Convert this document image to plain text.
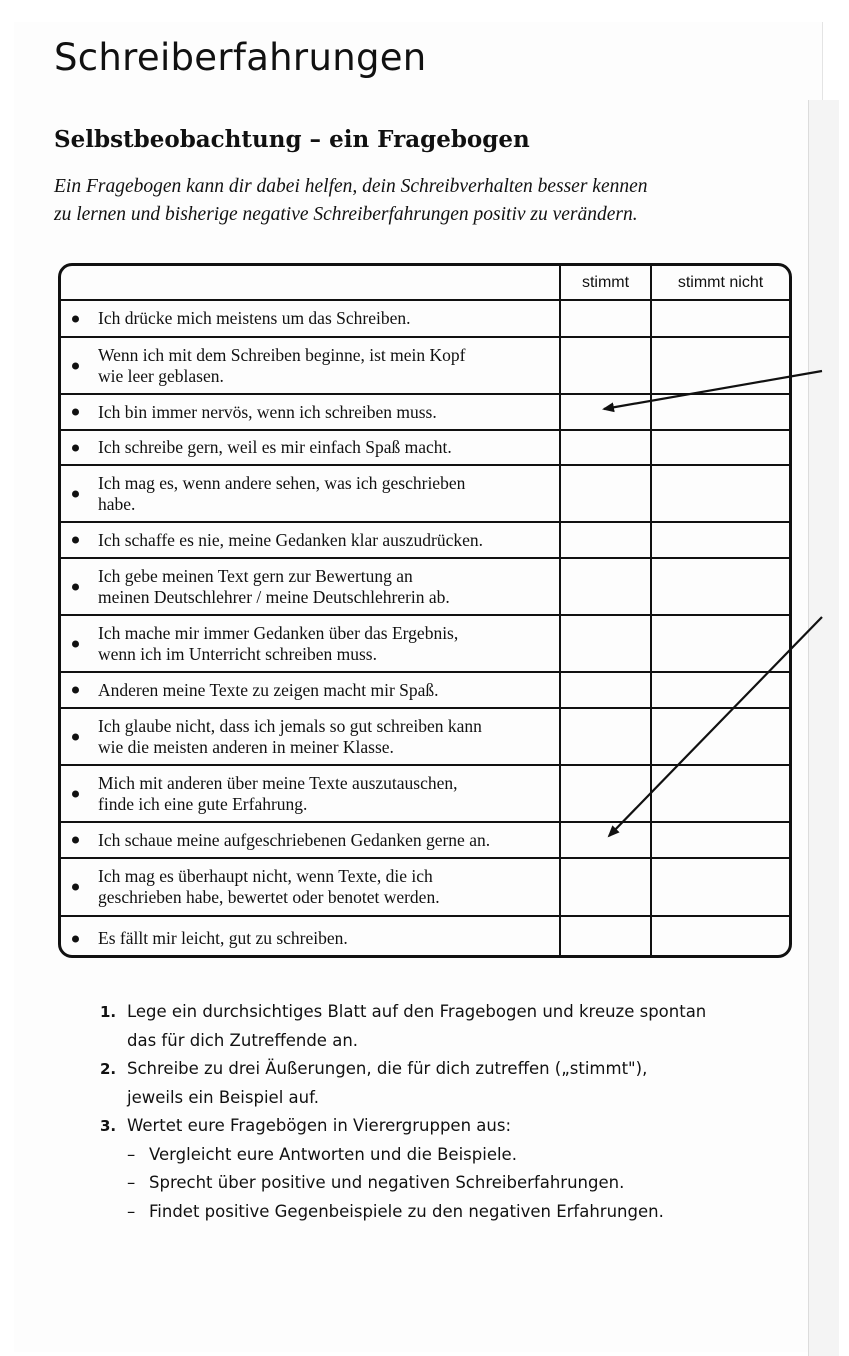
Schreiberfahrungen
Selbstbeobachtung – ein Fragebogen

Ein Fragebogen kann dir dabei helfen, dein Schreibverhalten besser kennen
zu lernen und bisherige negative Schreiberfahrungen positiv zu verändern.

stimmt	stimmt nicht
Ich drücke mich meistens um das Schreiben.
Wenn ich mit dem Schreiben beginne, ist mein Kopf
wie leer geblasen.
Ich bin immer nervös, wenn ich schreiben muss.
Ich schreibe gern, weil es mir einfach Spaß macht.
Ich mag es, wenn andere sehen, was ich geschrieben
habe.
Ich schaffe es nie, meine Gedanken klar auszudrücken.
Ich gebe meinen Text gern zur Bewertung an
meinen Deutschlehrer / meine Deutschlehrerin ab.
Ich mache mir immer Gedanken über das Ergebnis,
wenn ich im Unterricht schreiben muss.
Anderen meine Texte zu zeigen macht mir Spaß.
Ich glaube nicht, dass ich jemals so gut schreiben kann
wie die meisten anderen in meiner Klasse.
Mich mit anderen über meine Texte auszutauschen,
finde ich eine gute Erfahrung.
Ich schaue meine aufgeschriebenen Gedanken gerne an.
Ich mag es überhaupt nicht, wenn Texte, die ich
geschrieben habe, bewertet oder benotet werden.
Es fällt mir leicht, gut zu schreiben.
1. Lege ein durchsichtiges Blatt auf den Fragebogen und kreuze spontan
das für dich Zutreffende an.
2. Schreibe zu drei Äußerungen, die für dich zutreffen („stimmt"),
jeweils ein Beispiel auf.
3. Wertet eure Fragebögen in Vierergruppen aus:
– Vergleicht eure Antworten und die Beispiele.
– Sprecht über positive und negativen Schreiberfahrungen.
– Findet positive Gegenbeispiele zu den negativen Erfahrungen.
